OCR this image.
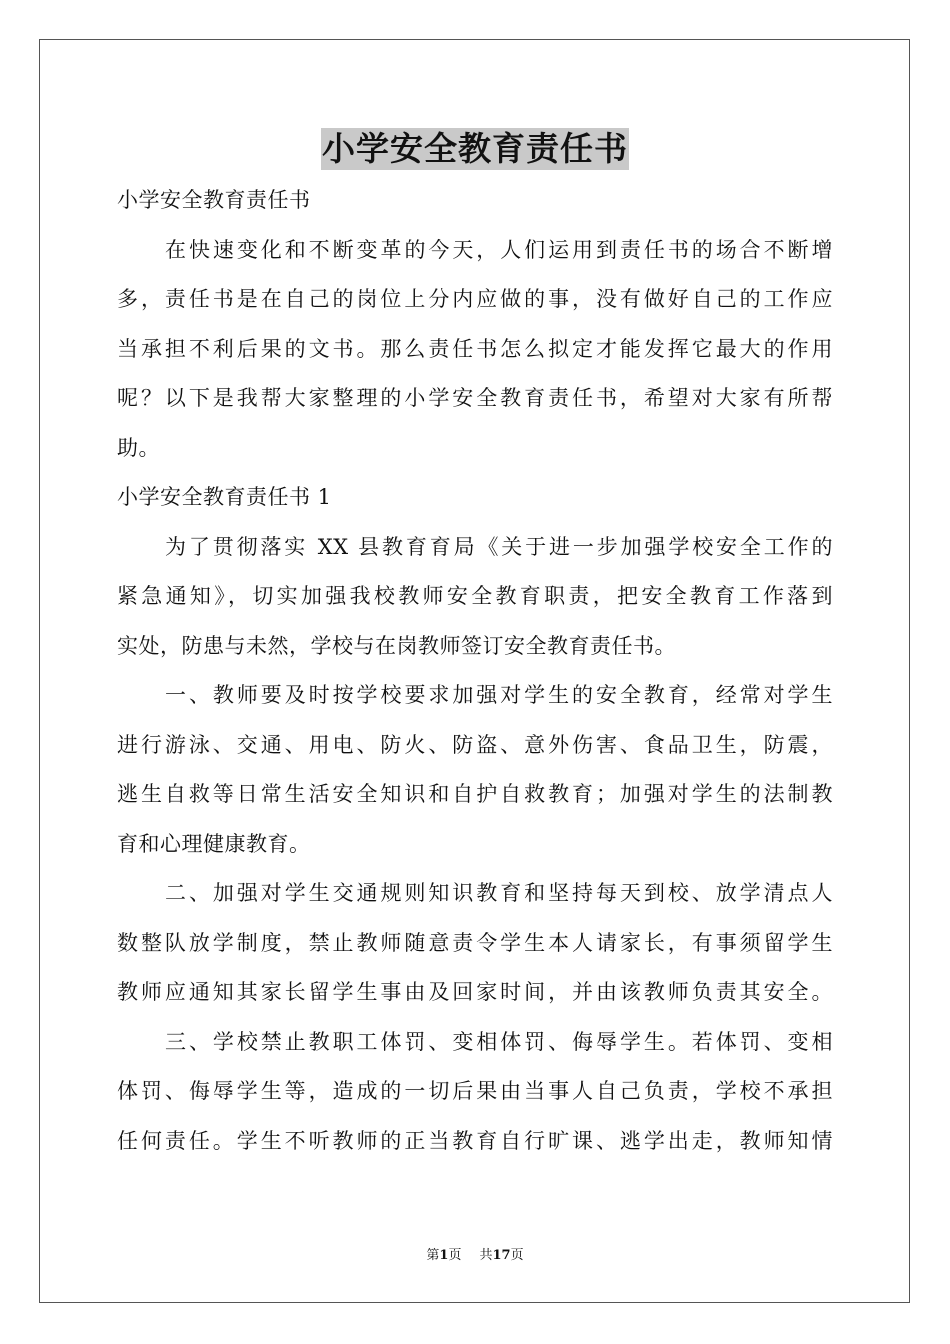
小学安全教育责任书
小学安全教育责任书
在快速变化和不断变革的今天，人们运用到责任书的场合不断增
多，责任书是在自己的岗位上分内应做的事，没有做好自己的工作应
当承担不利后果的文书。那么责任书怎么拟定才能发挥它最大的作用
呢？以下是我帮大家整理的小学安全教育责任书，希望对大家有所帮
助。
小学安全教育责任书 1
为了贯彻落实 XX 县教育育局《关于进一步加强学校安全工作的
紧急通知》，切实加强我校教师安全教育职责，把安全教育工作落到
实处，防患与未然，学校与在岗教师签订安全教育责任书。
一、教师要及时按学校要求加强对学生的安全教育，经常对学生
进行游泳、交通、用电、防火、防盗、意外伤害、食品卫生，防震，
逃生自救等日常生活安全知识和自护自救教育；加强对学生的法制教
育和心理健康教育。
二、加强对学生交通规则知识教育和坚持每天到校、放学清点人
数整队放学制度，禁止教师随意责令学生本人请家长，有事须留学生
教师应通知其家长留学生事由及回家时间，并由该教师负责其安全。
三、学校禁止教职工体罚、变相体罚、侮辱学生。若体罚、变相
体罚、侮辱学生等，造成的一切后果由当事人自己负责，学校不承担
任何责任。学生不听教师的正当教育自行旷课、逃学出走，教师知情
第1页 共17页
